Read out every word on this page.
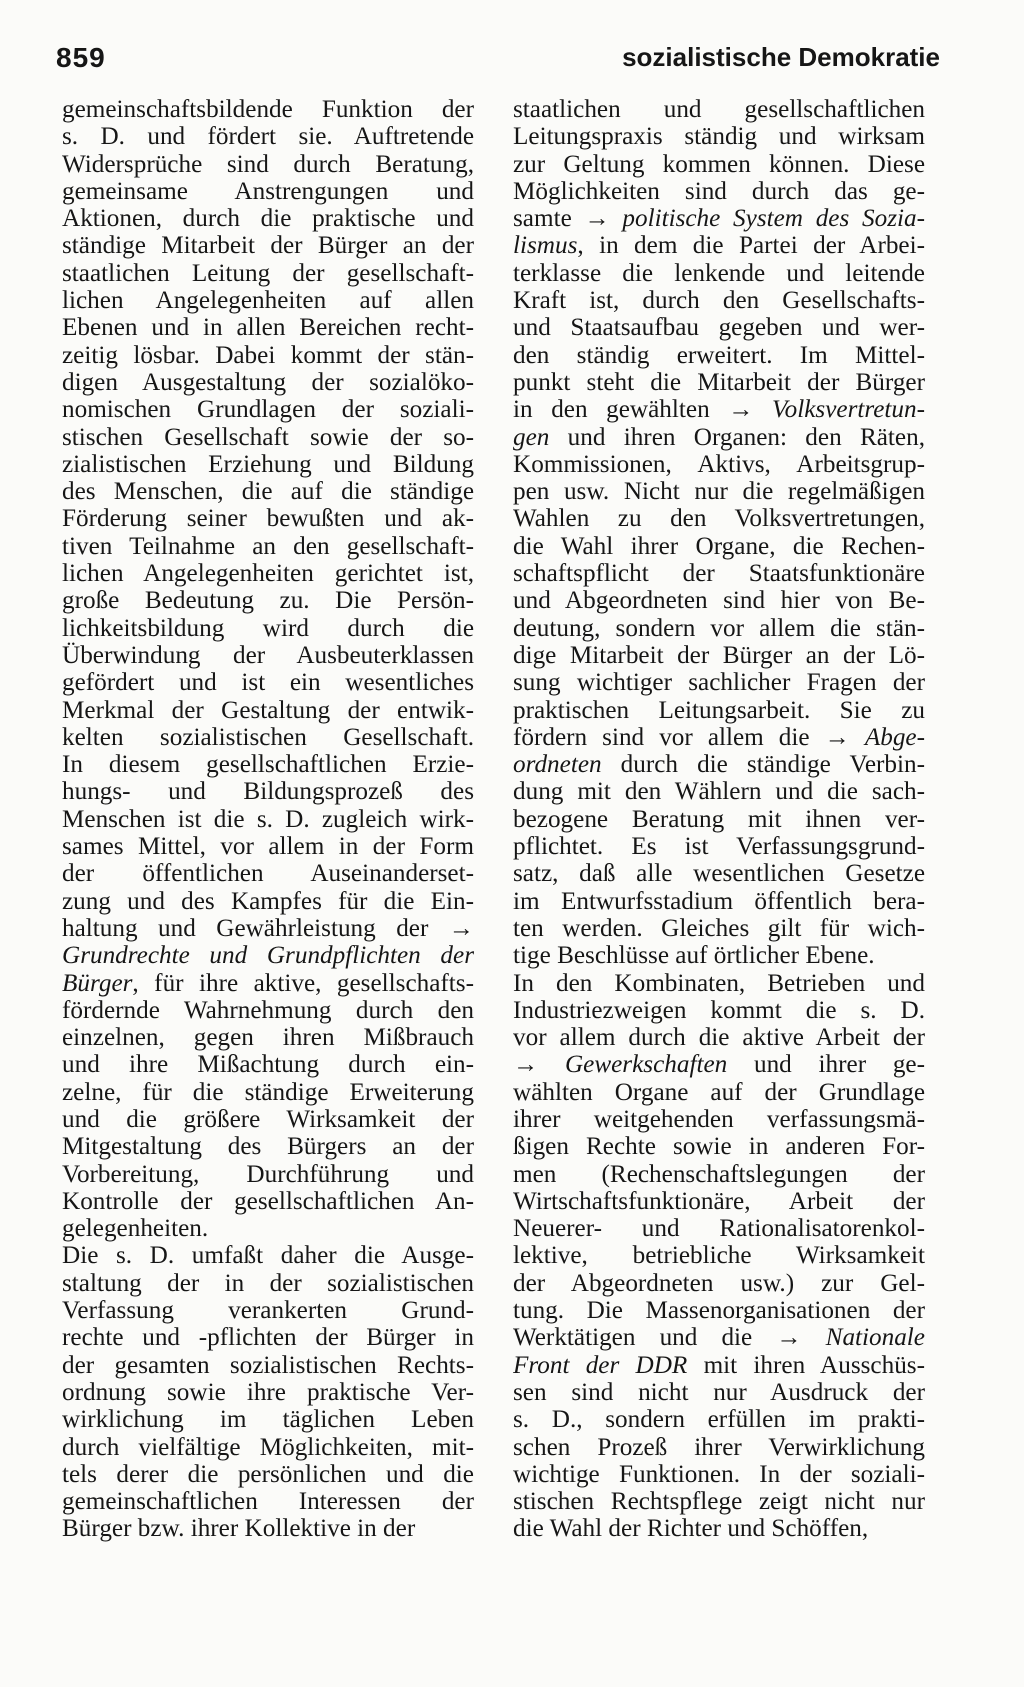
859	sozialistische Demokratie
gemeinschaftsbildende Funktion der
s. D. und fördert sie. Auftretende
Widersprüche sind durch Beratung,
gemeinsame Anstrengungen und
Aktionen, durch die praktische und
ständige Mitarbeit der Bürger an der
staatlichen Leitung der gesellschaft-
lichen Angelegenheiten auf allen
Ebenen und in allen Bereichen recht-
zeitig lösbar. Dabei kommt der stän-
digen Ausgestaltung der sozialöko-
nomischen Grundlagen der soziali-
stischen Gesellschaft sowie der so-
zialistischen Erziehung und Bildung
des Menschen, die auf die ständige
Förderung seiner bewußten und ak-
tiven Teilnahme an den gesellschaft-
lichen Angelegenheiten gerichtet ist,
große Bedeutung zu. Die Persön-
lichkeitsbildung wird durch die
Überwindung der Ausbeuterklassen
gefördert und ist ein wesentliches
Merkmal der Gestaltung der entwik-
kelten sozialistischen Gesellschaft.
In diesem gesellschaftlichen Erzie-
hungs- und Bildungsprozeß des
Menschen ist die s. D. zugleich wirk-
sames Mittel, vor allem in der Form
der öffentlichen Auseinanderset-
zung und des Kampfes für die Ein-
haltung und Gewährleistung der →
Grundrechte und Grundpflichten der
Bürger, für ihre aktive, gesellschafts-
fördernde Wahrnehmung durch den
einzelnen, gegen ihren Mißbrauch
und ihre Mißachtung durch ein-
zelne, für die ständige Erweiterung
und die größere Wirksamkeit der
Mitgestaltung des Bürgers an der
Vorbereitung, Durchführung und
Kontrolle der gesellschaftlichen An-
gelegenheiten.
Die s. D. umfaßt daher die Ausge-
staltung der in der sozialistischen
Verfassung verankerten Grund-
rechte und -pflichten der Bürger in
der gesamten sozialistischen Rechts-
ordnung sowie ihre praktische Ver-
wirklichung im täglichen Leben
durch vielfältige Möglichkeiten, mit-
tels derer die persönlichen und die
gemeinschaftlichen Interessen der
Bürger bzw. ihrer Kollektive in der
staatlichen und gesellschaftlichen
Leitungspraxis ständig und wirksam
zur Geltung kommen können. Diese
Möglichkeiten sind durch das ge-
samte → politische System des Sozia-
lismus, in dem die Partei der Arbei-
terklasse die lenkende und leitende
Kraft ist, durch den Gesellschafts-
und Staatsaufbau gegeben und wer-
den ständig erweitert. Im Mittel-
punkt steht die Mitarbeit der Bürger
in den gewählten → Volksvertretun-
gen und ihren Organen: den Räten,
Kommissionen, Aktivs, Arbeitsgrup-
pen usw. Nicht nur die regelmäßigen
Wahlen zu den Volksvertretungen,
die Wahl ihrer Organe, die Rechen-
schaftspflicht der Staatsfunktionäre
und Abgeordneten sind hier von Be-
deutung, sondern vor allem die stän-
dige Mitarbeit der Bürger an der Lö-
sung wichtiger sachlicher Fragen der
praktischen Leitungsarbeit. Sie zu
fördern sind vor allem die → Abge-
ordneten durch die ständige Verbin-
dung mit den Wählern und die sach-
bezogene Beratung mit ihnen ver-
pflichtet. Es ist Verfassungsgrund-
satz, daß alle wesentlichen Gesetze
im Entwurfsstadium öffentlich bera-
ten werden. Gleiches gilt für wich-
tige Beschlüsse auf örtlicher Ebene.
In den Kombinaten, Betrieben und
Industriezweigen kommt die s. D.
vor allem durch die aktive Arbeit der
→ Gewerkschaften und ihrer ge-
wählten Organe auf der Grundlage
ihrer weitgehenden verfassungsmä-
ßigen Rechte sowie in anderen For-
men (Rechenschaftslegungen der
Wirtschaftsfunktionäre, Arbeit der
Neuerer- und Rationalisatorenkol-
lektive, betriebliche Wirksamkeit
der Abgeordneten usw.) zur Gel-
tung. Die Massenorganisationen der
Werktätigen und die → Nationale
Front der DDR mit ihren Ausschüs-
sen sind nicht nur Ausdruck der
s. D., sondern erfüllen im prakti-
schen Prozeß ihrer Verwirklichung
wichtige Funktionen. In der soziali-
stischen Rechtspflege zeigt nicht nur
die Wahl der Richter und Schöffen,
